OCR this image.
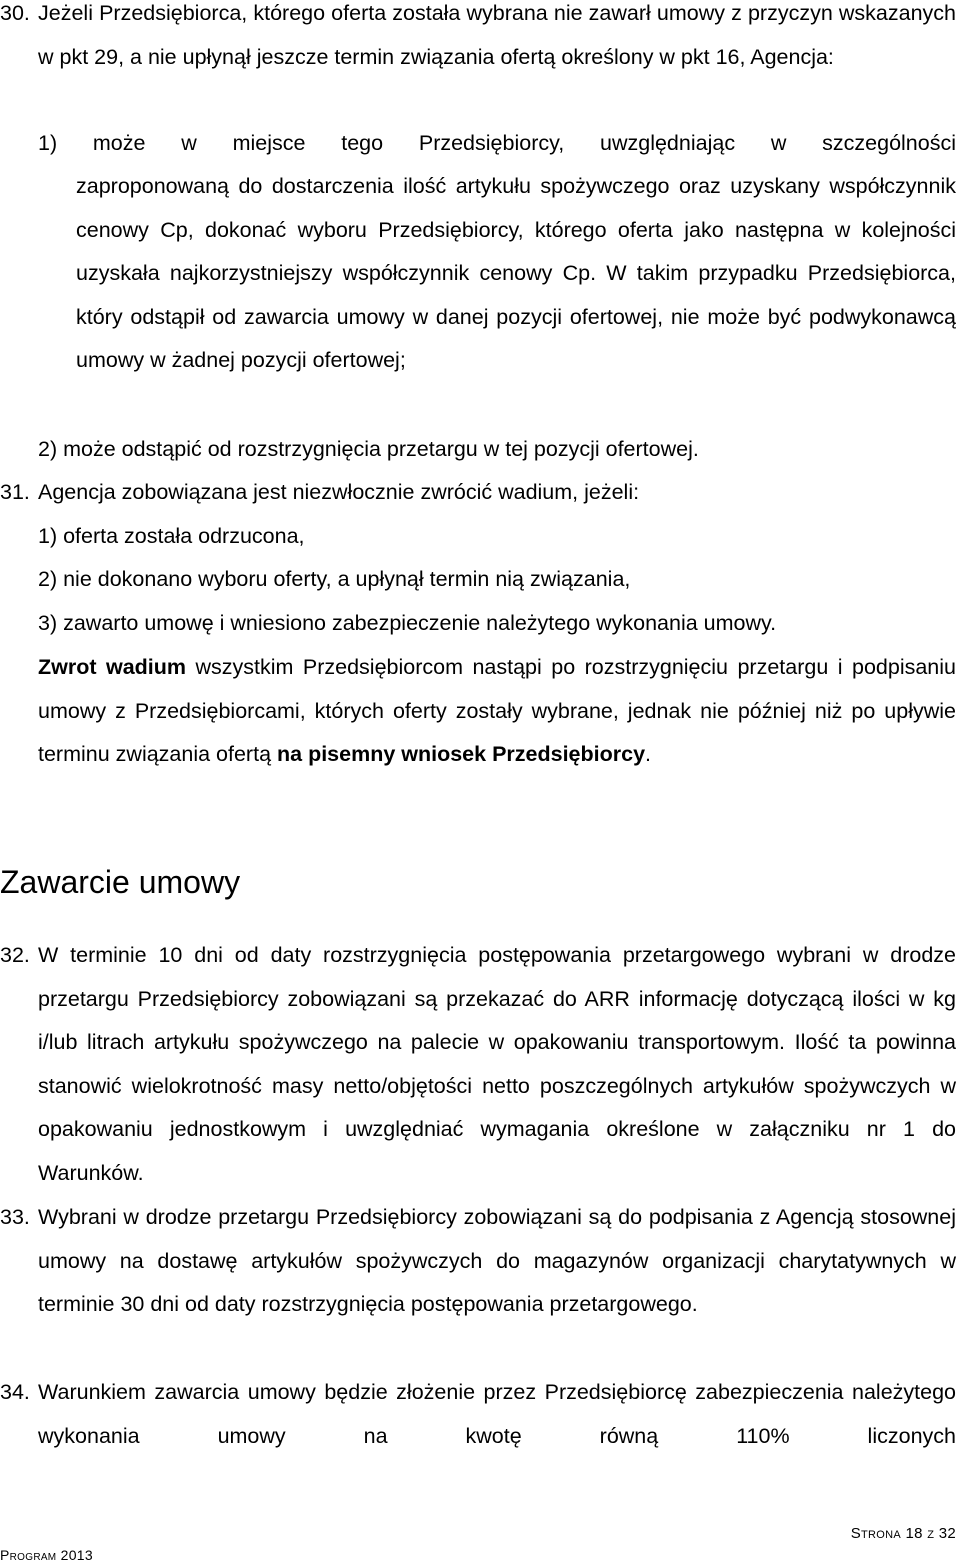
30. Jeżeli Przedsiębiorca, którego oferta została wybrana nie zawarł umowy z przyczyn wskazanych w pkt 29, a nie upłynął jeszcze termin związania ofertą określony w pkt 16, Agencja:

1) może w miejsce tego Przedsiębiorcy, uwzględniając w szczególności

zaproponowaną do dostarczenia ilość artykułu spożywczego oraz uzyskany współczynnik cenowy Cp, dokonać wyboru Przedsiębiorcy, którego oferta jako następna w kolejności uzyskała najkorzystniejszy współczynnik cenowy Cp. W takim przypadku Przedsiębiorca, który odstąpił od zawarcia umowy w danej pozycji ofertowej, nie może być podwykonawcą umowy w żadnej pozycji ofertowej;

2) może odstąpić od rozstrzygnięcia przetargu w tej pozycji ofertowej.

31. Agencja zobowiązana jest niezwłocznie zwrócić wadium, jeżeli:

1) oferta została odrzucona,

2) nie dokonano wyboru oferty, a upłynął termin nią związania,

3) zawarto umowę i wniesiono zabezpieczenie należytego wykonania umowy.

Zwrot wadium wszystkim Przedsiębiorcom nastąpi po rozstrzygnięciu przetargu i podpisaniu umowy z Przedsiębiorcami, których oferty zostały wybrane, jednak nie później niż po upływie terminu związania ofertą na pisemny wniosek Przedsiębiorcy.

Zawarcie umowy
32. W terminie 10 dni od daty rozstrzygnięcia postępowania przetargowego wybrani w drodze przetargu Przedsiębiorcy zobowiązani są przekazać do ARR informację dotyczącą ilości w kg i/lub litrach artykułu spożywczego na palecie w opakowaniu transportowym. Ilość ta powinna stanowić wielokrotność masy netto/objętości netto poszczególnych artykułów spożywczych w opakowaniu jednostkowym i uwzględniać wymagania określone w załączniku nr 1 do Warunków.

33. Wybrani w drodze przetargu Przedsiębiorcy zobowiązani są do podpisania z Agencją stosownej umowy na dostawę artykułów spożywczych do magazynów organizacji charytatywnych w terminie 30 dni od daty rozstrzygnięcia postępowania przetargowego.

34. Warunkiem zawarcia umowy będzie złożenie przez Przedsiębiorcę zabezpieczenia należytego wykonania umowy na kwotę równą 110% liczonych

Strona 18 z 32
Program 2013
